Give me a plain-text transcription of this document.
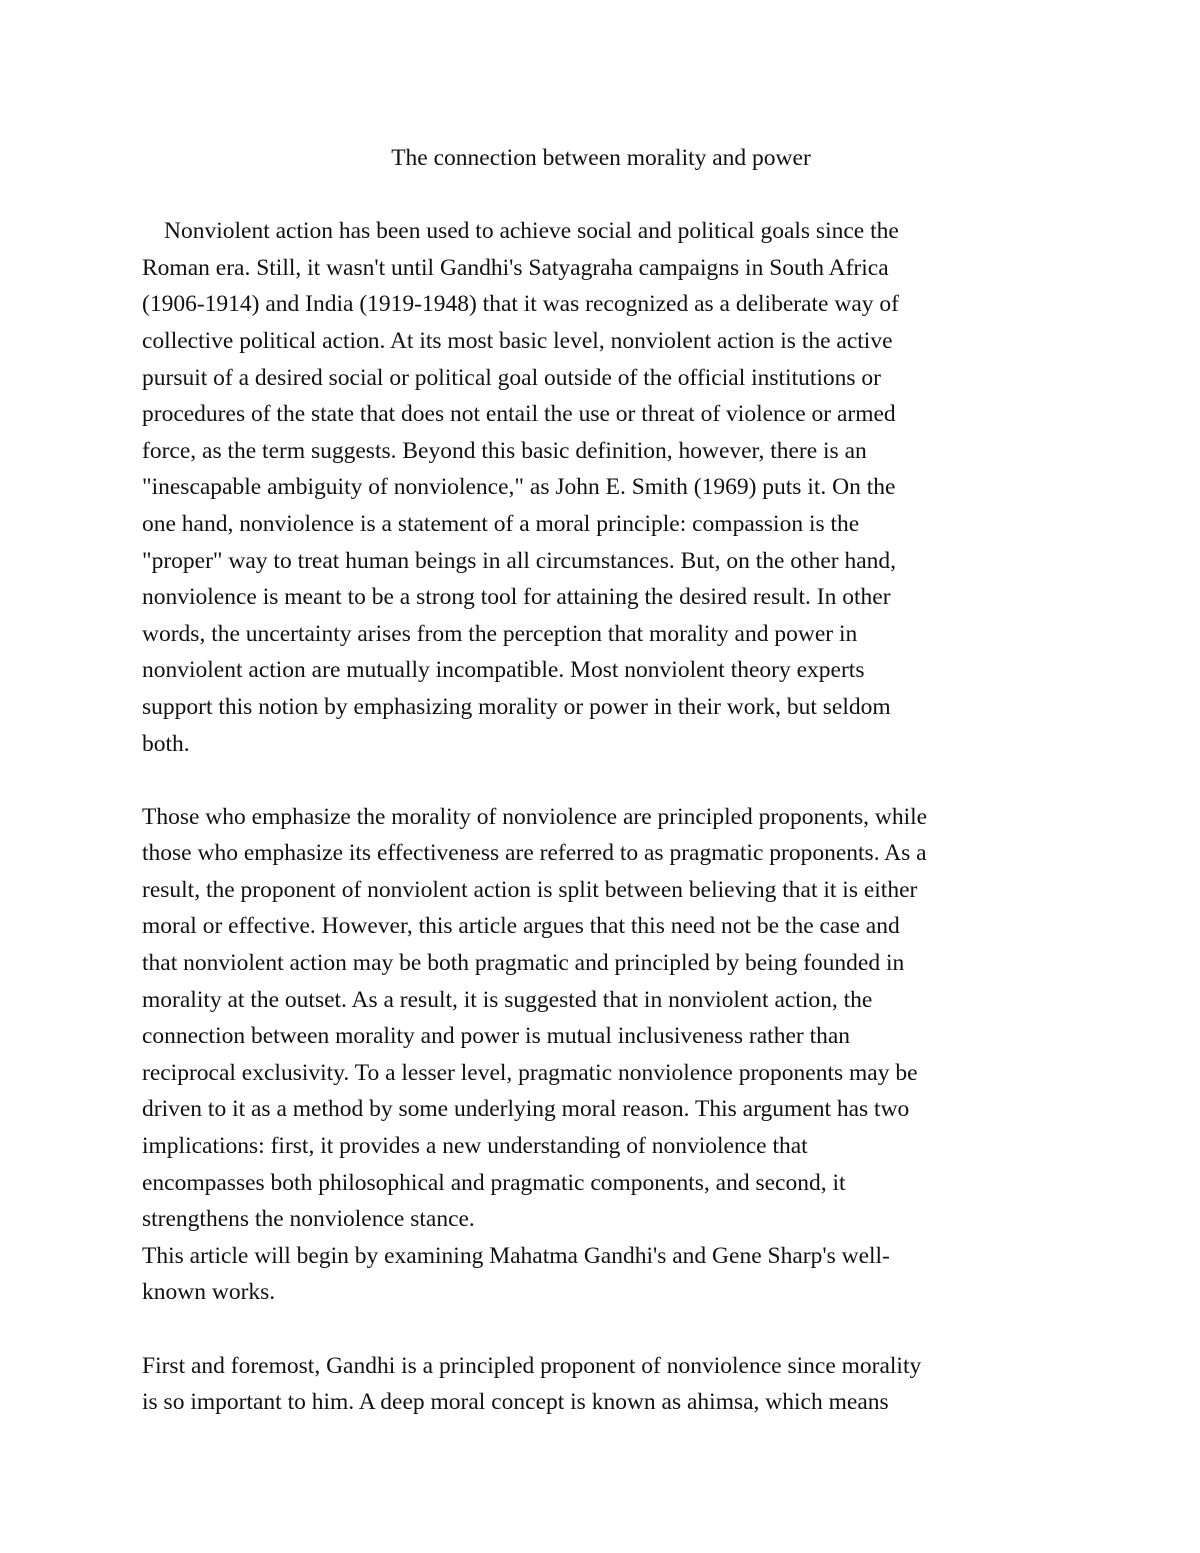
The connection between morality and power

Nonviolent action has been used to achieve social and political goals since the
Roman era. Still, it wasn't until Gandhi's Satyagraha campaigns in South Africa
(1906-1914) and India (1919-1948) that it was recognized as a deliberate way of
collective political action. At its most basic level, nonviolent action is the active
pursuit of a desired social or political goal outside of the official institutions or
procedures of the state that does not entail the use or threat of violence or armed
force, as the term suggests. Beyond this basic definition, however, there is an
"inescapable ambiguity of nonviolence," as John E. Smith (1969) puts it. On the
one hand, nonviolence is a statement of a moral principle: compassion is the
"proper" way to treat human beings in all circumstances. But, on the other hand,
nonviolence is meant to be a strong tool for attaining the desired result. In other
words, the uncertainty arises from the perception that morality and power in
nonviolent action are mutually incompatible. Most nonviolent theory experts
support this notion by emphasizing morality or power in their work, but seldom
both.

Those who emphasize the morality of nonviolence are principled proponents, while
those who emphasize its effectiveness are referred to as pragmatic proponents. As a
result, the proponent of nonviolent action is split between believing that it is either
moral or effective. However, this article argues that this need not be the case and
that nonviolent action may be both pragmatic and principled by being founded in
morality at the outset. As a result, it is suggested that in nonviolent action, the
connection between morality and power is mutual inclusiveness rather than
reciprocal exclusivity. To a lesser level, pragmatic nonviolence proponents may be
driven to it as a method by some underlying moral reason. This argument has two
implications: first, it provides a new understanding of nonviolence that
encompasses both philosophical and pragmatic components, and second, it
strengthens the nonviolence stance.

This article will begin by examining Mahatma Gandhi's and Gene Sharp's well-
known works.

First and foremost, Gandhi is a principled proponent of nonviolence since morality
is so important to him. A deep moral concept is known as ahimsa, which means
